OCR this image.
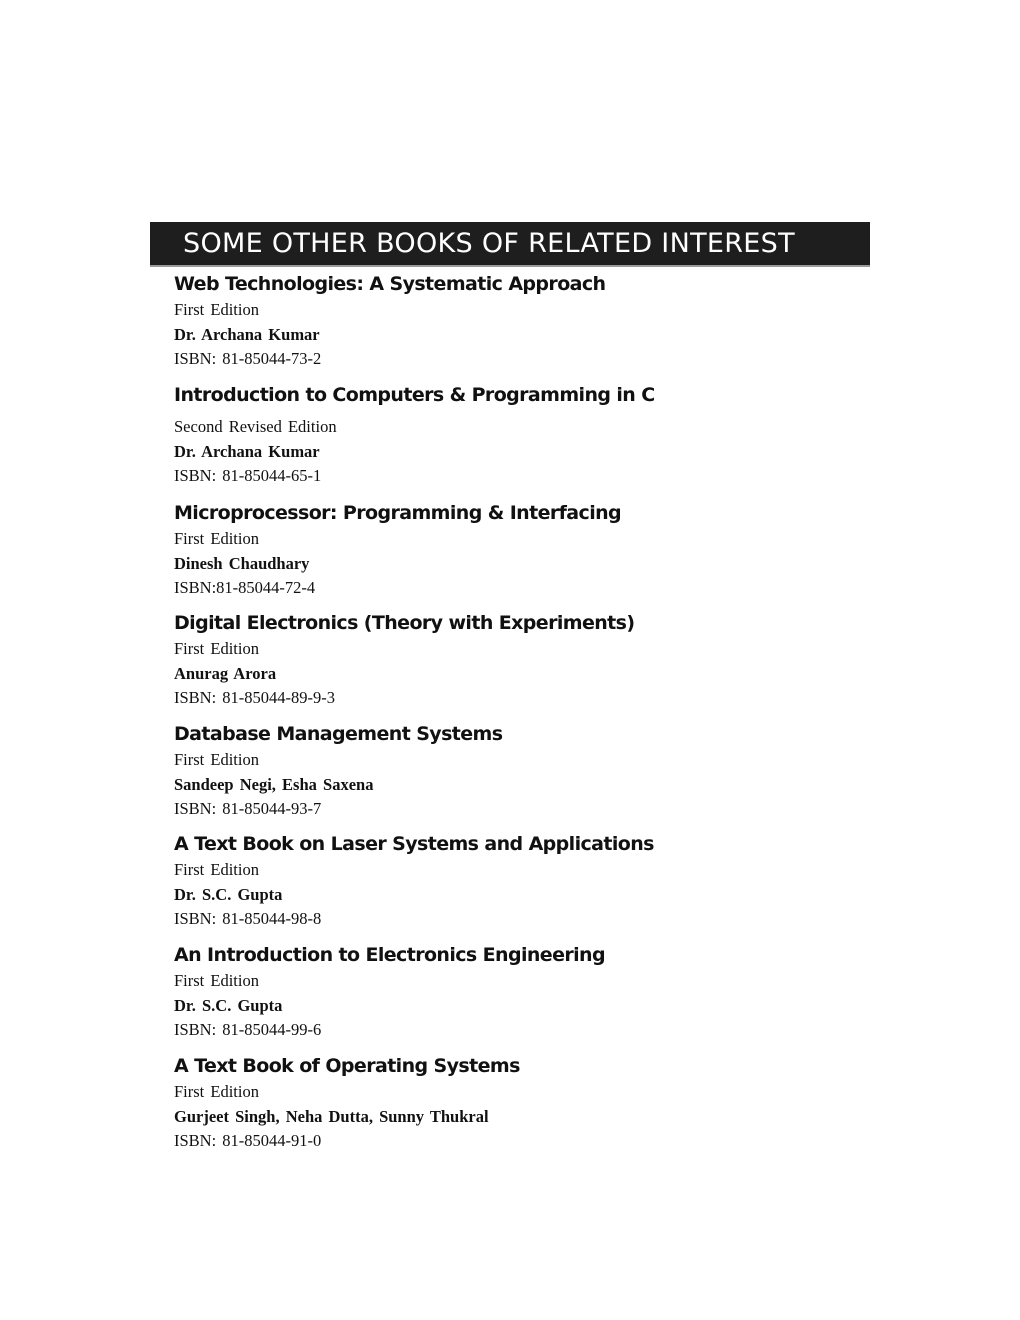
SOME OTHER BOOKS OF RELATED INTEREST
Web Technologies: A Systematic Approach
First Edition
Dr. Archana Kumar
ISBN: 81-85044-73-2
Introduction to Computers & Programming in C
Second Revised Edition
Dr. Archana Kumar
ISBN: 81-85044-65-1
Microprocessor: Programming & Interfacing
First Edition
Dinesh Chaudhary
ISBN:81-85044-72-4
Digital Electronics (Theory with Experiments)
First Edition
Anurag Arora
ISBN: 81-85044-89-9-3
Database Management Systems
First Edition
Sandeep Negi, Esha Saxena
ISBN: 81-85044-93-7
A Text Book on Laser Systems and Applications
First Edition
Dr. S.C. Gupta
ISBN: 81-85044-98-8
An Introduction to Electronics Engineering
First Edition
Dr. S.C. Gupta
ISBN: 81-85044-99-6
A Text Book of Operating Systems
First Edition
Gurjeet Singh, Neha Dutta, Sunny Thukral
ISBN: 81-85044-91-0
